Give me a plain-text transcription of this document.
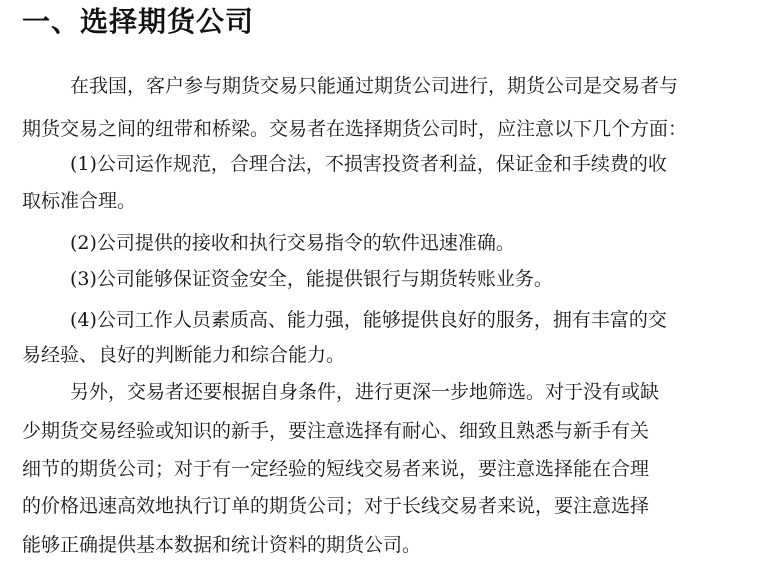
一、选择期货公司
在我国，客户参与期货交易只能通过期货公司进行，期货公司是交易者与
期货交易之间的纽带和桥梁。交易者在选择期货公司时，应注意以下几个方面：
(1)公司运作规范，合理合法，不损害投资者利益，保证金和手续费的收
取标准合理。
(2)公司提供的接收和执行交易指令的软件迅速准确。
(3)公司能够保证资金安全，能提供银行与期货转账业务。
(4)公司工作人员素质高、能力强，能够提供良好的服务，拥有丰富的交
易经验、良好的判断能力和综合能力。
另外，交易者还要根据自身条件，进行更深一步地筛选。对于没有或缺
少期货交易经验或知识的新手，要注意选择有耐心、细致且熟悉与新手有关
细节的期货公司；对于有一定经验的短线交易者来说，要注意选择能在合理
的价格迅速高效地执行订单的期货公司；对于长线交易者来说，要注意选择
能够正确提供基本数据和统计资料的期货公司。
